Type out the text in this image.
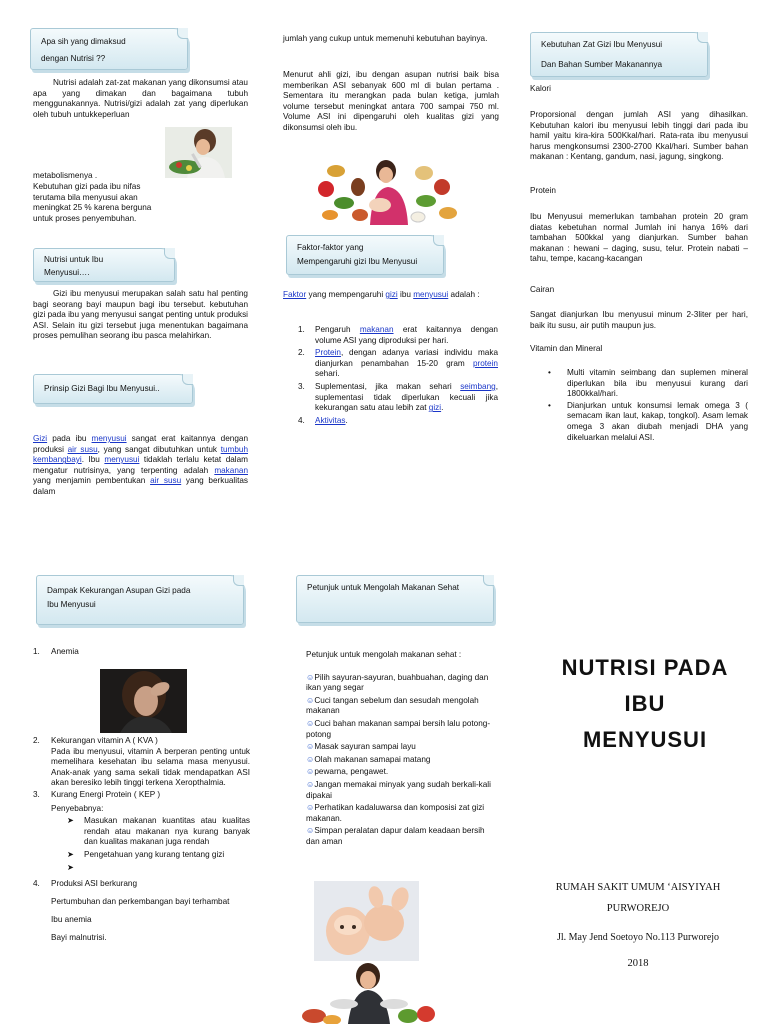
Apa sih yang dimaksud
dengan Nutrisi ??

Nutrisi adalah zat-zat makanan yang dikonsumsi atau apa yang dimakan dan bagaimana tubuh menggunakannya. Nutrisi/gizi adalah zat yang diperlukan oleh tubuh untukkeperluan

metabolismenya .

Kebutuhan gizi pada ibu nifas terutama bila menyusui akan meningkat 25 % karena berguna untuk proses penyembuhan.

Nutrisi untuk Ibu
Menyusui….

Gizi ibu menyusui merupakan salah satu hal penting bagi seorang bayi maupun bagi ibu tersebut. kebutuhan gizi pada ibu yang menyusui sangat penting untuk produksi ASI. Selain itu gizi tersebut juga menentukan bagaimana proses pemulihan seorang ibu pasca melahirkan.

Prinsip Gizi Bagi Ibu Menyusui..

Gizi pada ibu menyusui sangat erat kaitannya dengan produksi air susu, yang sangat dibutuhkan untuk tumbuh kembangbayi. Ibu menyusui tidaklah terlalu ketat dalam mengatur nutrisinya, yang terpenting adalah makanan yang menjamin pembentukan air susu yang berkualitas dalam

Dampak Kekurangan Asupan Gizi pada
Ibu Menyusui
1.	Anemia
2.	Kekurangan vitamin A ( KVA )
Pada ibu menyusui, vitamin A berperan penting untuk memelihara kesehatan ibu selama masa menyusui. Anak-anak yang sama sekali tidak mendapatkan ASI akan beresiko lebih tinggi terkena Xeropthalmia.
3.	Kurang Energi Protein ( KEP )
Penyebabnya:
➤	Masukan makanan kuantitas atau kualitas rendah atau makanan nya kurang banyak dan kualitas makanan juga rendah
➤	Pengetahuan yang kurang tentang gizi
➤
4.	Produksi ASI berkurang
Pertumbuhan dan perkembangan bayi terhambat
Ibu anemia
Bayi malnutrisi.

jumlah yang cukup untuk memenuhi kebutuhan bayinya.

Menurut ahli gizi, ibu dengan asupan nutrisi baik bisa memberikan ASI sebanyak 600 ml di bulan pertama . Sementara itu merangkan pada bulan ketiga, jumlah volume tersebut meningkat antara 700 sampai 750 ml. Volume ASI ini dipengaruhi oleh kualitas gizi yang dikonsumsi oleh ibu.

Faktor-faktor yang
Mempengaruhi gizi Ibu Menyusui

Faktor yang mempengaruhi gizi ibu menyusui adalah :

1.	Pengaruh makanan erat kaitannya dengan volume ASI yang diproduksi per hari.
2.	Protein, dengan adanya variasi individu maka dianjurkan penambahan 15-20 gram protein sehari.
3.	Suplementasi, jika makan sehari seimbang, suplementasi tidak diperlukan kecuali jika kekurangan satu atau lebih zat gizi.
4.	Aktivitas.
Petunjuk untuk Mengolah Makanan Sehat
Petunjuk untuk mengolah makanan sehat :
☺Pilih sayuran-sayuran, buahbuahan, daging dan ikan yang segar
☺Cuci tangan sebelum dan sesudah mengolah makanan
☺Cuci bahan makanan sampai bersih lalu potong-potong
☺Masak sayuran sampai layu
☺Olah makanan samapai matang
☺pewarna, pengawet.
☺Jangan memakai minyak yang sudah berkali-kali dipakai
☺Perhatikan kadaluwarsa dan komposisi zat gizi makanan.
☺Simpan peralatan dapur dalam keadaan bersih dan aman
Kebutuhan Zat Gizi Ibu Menyusui
Dan Bahan Sumber Makanannya

Kalori

Proporsional dengan jumlah ASI yang dihasilkan. Kebutuhan kalori ibu menyusui lebih tinggi dari pada ibu hamil yaitu kira-kira 500Kkal/hari. Rata-rata ibu menyusui harus mengkonsumsi 2300-2700 Kkal/hari. Sumber bahan makanan : Kentang, gandum, nasi, jagung, singkong.

Protein

Ibu Menyusui memerlukan tambahan protein 20 gram diatas kebetuhan normal Jumlah ini hanya 16% dari tambahan 500kkal yang dianjurkan. Sumber bahan makanan : hewani – daging, susu, telur. Protein nabati – tahu, tempe, kacang-kacangan

Cairan

Sangat dianjurkan Ibu menyusui minum 2-3liter per hari, baik itu susu, air putih maupun jus.

Vitamin dan Mineral

•	Multi vitamin seimbang dan suplemen mineral diperlukan bila ibu menyusui kurang dari 1800kkal/hari.
•	Dianjurkan untuk konsumsi lemak omega 3 ( semacam ikan laut, kakap, tongkol). Asam lemak omega 3 akan diubah menjadi DHA yang dikeluarkan melalui ASI.
NUTRISI PADA
IBU
MENYUSUI
RUMAH SAKIT UMUM ‘AISYIYAH
PURWOREJO
Jl. May Jend Soetoyo No.113 Purworejo
2018
